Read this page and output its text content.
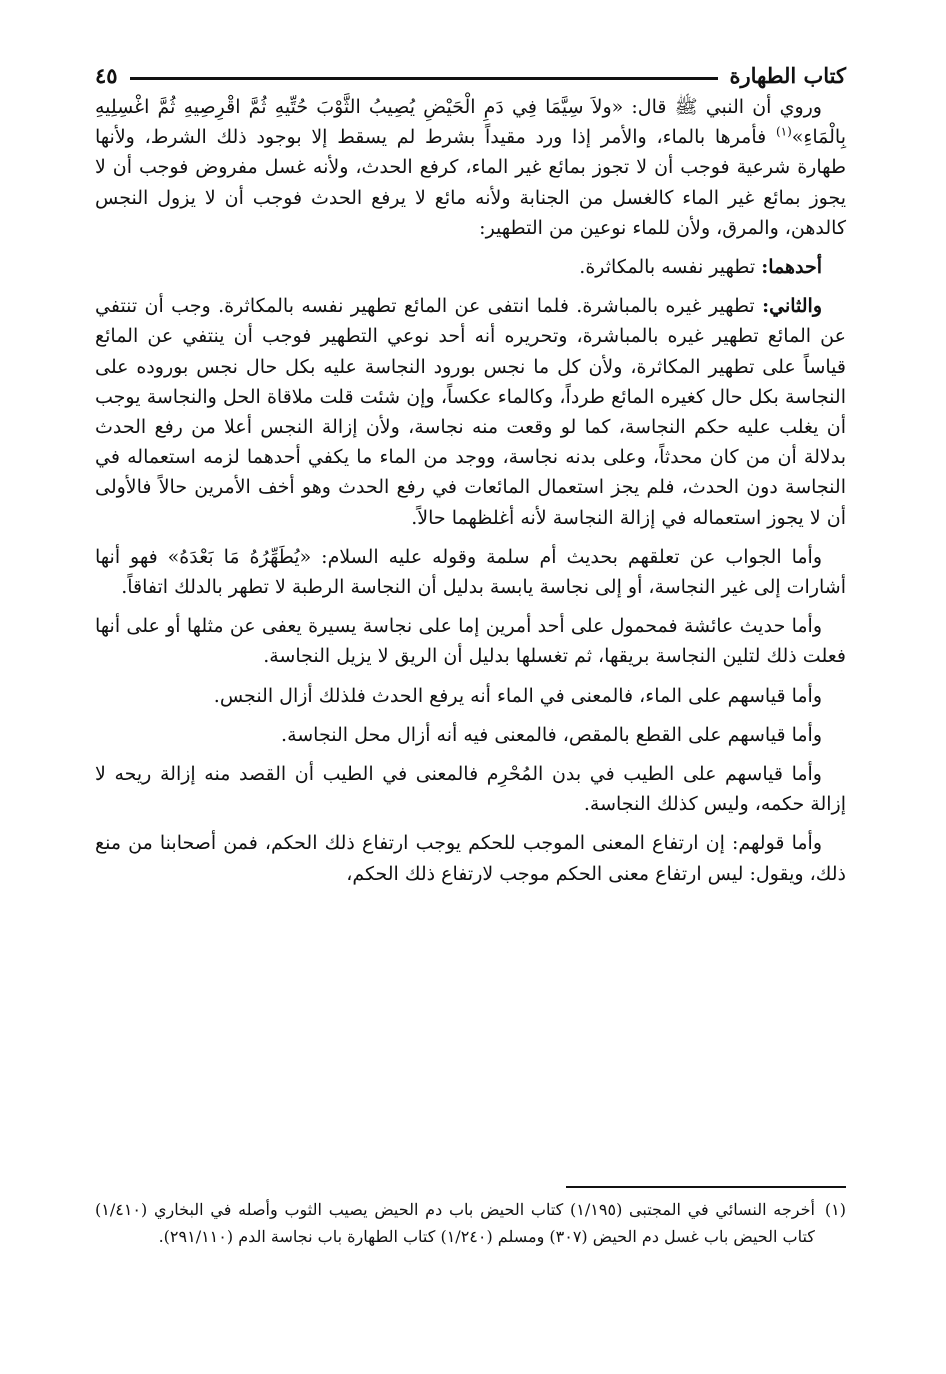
كتاب الطهارة
٤٥

وروي أن النبي ﷺ قال: «ولاَ سِيَّمَا فِي دَمِ الْحَيْضِ يُصِيبُ الثَّوْبَ حُتِّيهِ ثُمَّ اقْرِصِيهِ ثُمَّ اغْسِلِيهِ بِالْمَاءِ»$^{(١)}$ فأمرها بالماء، والأمر إذا ورد مقيداً بشرط لم يسقط إلا بوجود ذلك الشرط، ولأنها طهارة شرعية فوجب أن لا تجوز بمائع غير الماء، كرفع الحدث، ولأنه غسل مفروض فوجب أن لا يجوز بمائع غير الماء كالغسل من الجنابة ولأنه مائع لا يرفع الحدث فوجب أن لا يزول النجس كالدهن، والمرق، ولأن للماء نوعين من التطهير:

أحدهما: تطهير نفسه بالمكاثرة.

والثاني: تطهير غيره بالمباشرة. فلما انتفى عن المائع تطهير نفسه بالمكاثرة. وجب أن تنتفي عن المائع تطهير غيره بالمباشرة، وتحريره أنه أحد نوعي التطهير فوجب أن ينتفي عن المائع قياساً على تطهير المكاثرة، ولأن كل ما نجس بورود النجاسة عليه بكل حال نجس بوروده على النجاسة بكل حال كغيره المائع طرداً، وكالماء عكساً، وإن شئت قلت ملاقاة الحل والنجاسة يوجب أن يغلب عليه حكم النجاسة، كما لو وقعت منه نجاسة، ولأن إزالة النجس أعلا من رفع الحدث بدلالة أن من كان محدثاً، وعلى بدنه نجاسة، ووجد من الماء ما يكفي أحدهما لزمه استعماله في النجاسة دون الحدث، فلم يجز استعمال المائعات في رفع الحدث وهو أخف الأمرين حالاً فالأولى أن لا يجوز استعماله في إزالة النجاسة لأنه أغلظهما حالاً.

وأما الجواب عن تعلقهم بحديث أم سلمة وقوله عليه السلام: «يُطَهِّرُهُ مَا بَعْدَهُ» فهو أنها أشارات إلى غير النجاسة، أو إلى نجاسة يابسة بدليل أن النجاسة الرطبة لا تطهر بالدلك اتفاقاً.

وأما حديث عائشة فمحمول على أحد أمرين إما على نجاسة يسيرة يعفى عن مثلها أو على أنها فعلت ذلك لتلين النجاسة بريقها، ثم تغسلها بدليل أن الريق لا يزيل النجاسة.

وأما قياسهم على الماء، فالمعنى في الماء أنه يرفع الحدث فلذلك أزال النجس.

وأما قياسهم على القطع بالمقص، فالمعنى فيه أنه أزال محل النجاسة.

وأما قياسهم على الطيب في بدن المُحْرِم فالمعنى في الطيب أن القصد منه إزالة ريحه لا إزالة حكمه، وليس كذلك النجاسة.

وأما قولهم: إن ارتفاع المعنى الموجب للحكم يوجب ارتفاع ذلك الحكم، فمن أصحابنا من منع ذلك، ويقول: ليس ارتفاع معنى الحكم موجب لارتفاع ذلك الحكم،

(١)
أخرجه النسائي في المجتبى (١/١٩٥) كتاب الحيض باب دم الحيض يصيب الثوب وأصله في البخاري (١/٤١٠) كتاب الحيض باب غسل دم الحيض (٣٠٧) ومسلم (١/٢٤٠) كتاب الطهارة باب نجاسة الدم (٢٩١/١١٠).
